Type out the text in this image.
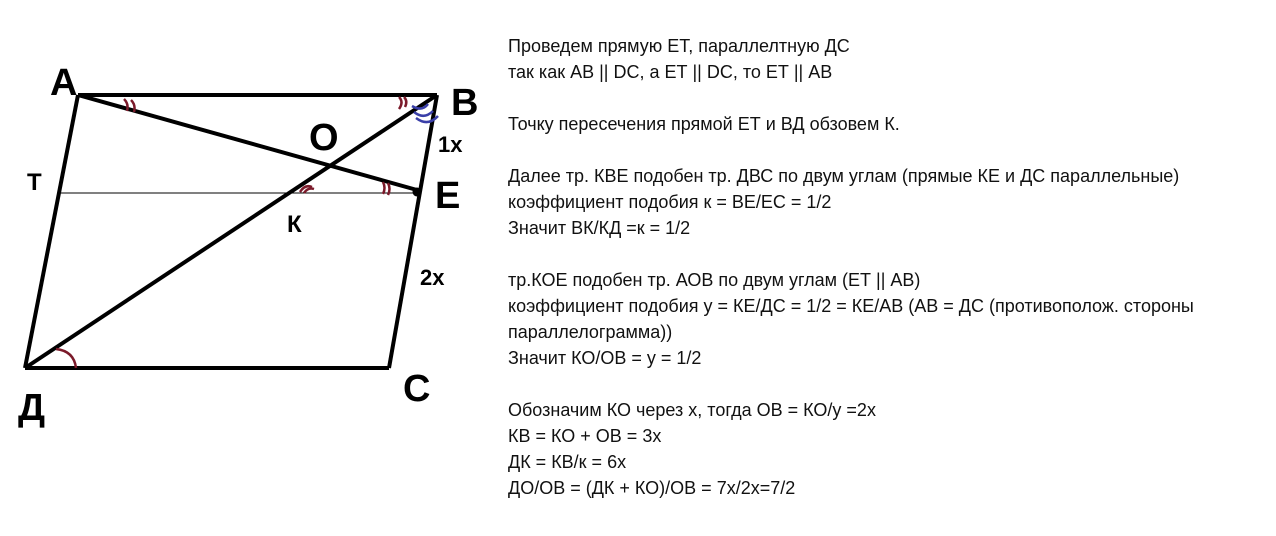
А	В
С
Д
Е
О
Т
К
1х
2х
Проведем прямую ЕТ, параллелтную ДС
так как АВ || DC, а ЕТ || DC, то ЕТ || АВ
Точку пересечения прямой ЕТ и ВД обзовем К.
Далее тр. КВЕ подобен тр. ДВС по двум углам (прямые КЕ и ДС параллельные)
коэффициент подобия к = ВЕ/ЕС = 1/2
Значит ВК/КД =к = 1/2
тр.КОЕ подобен тр. АОВ по двум углам (ЕТ || АВ)
коэффициент подобия у = КЕ/ДС = 1/2 = КЕ/АВ (АВ = ДС (противополож. стороны параллелограмма))
Значит КО/ОВ = у = 1/2
Обозначим КО через х, тогда ОВ = КО/у =2х
КВ = КО + ОВ = 3х
ДК = КВ/к = 6х
ДО/ОВ = (ДК + КО)/ОВ = 7х/2х=7/2
